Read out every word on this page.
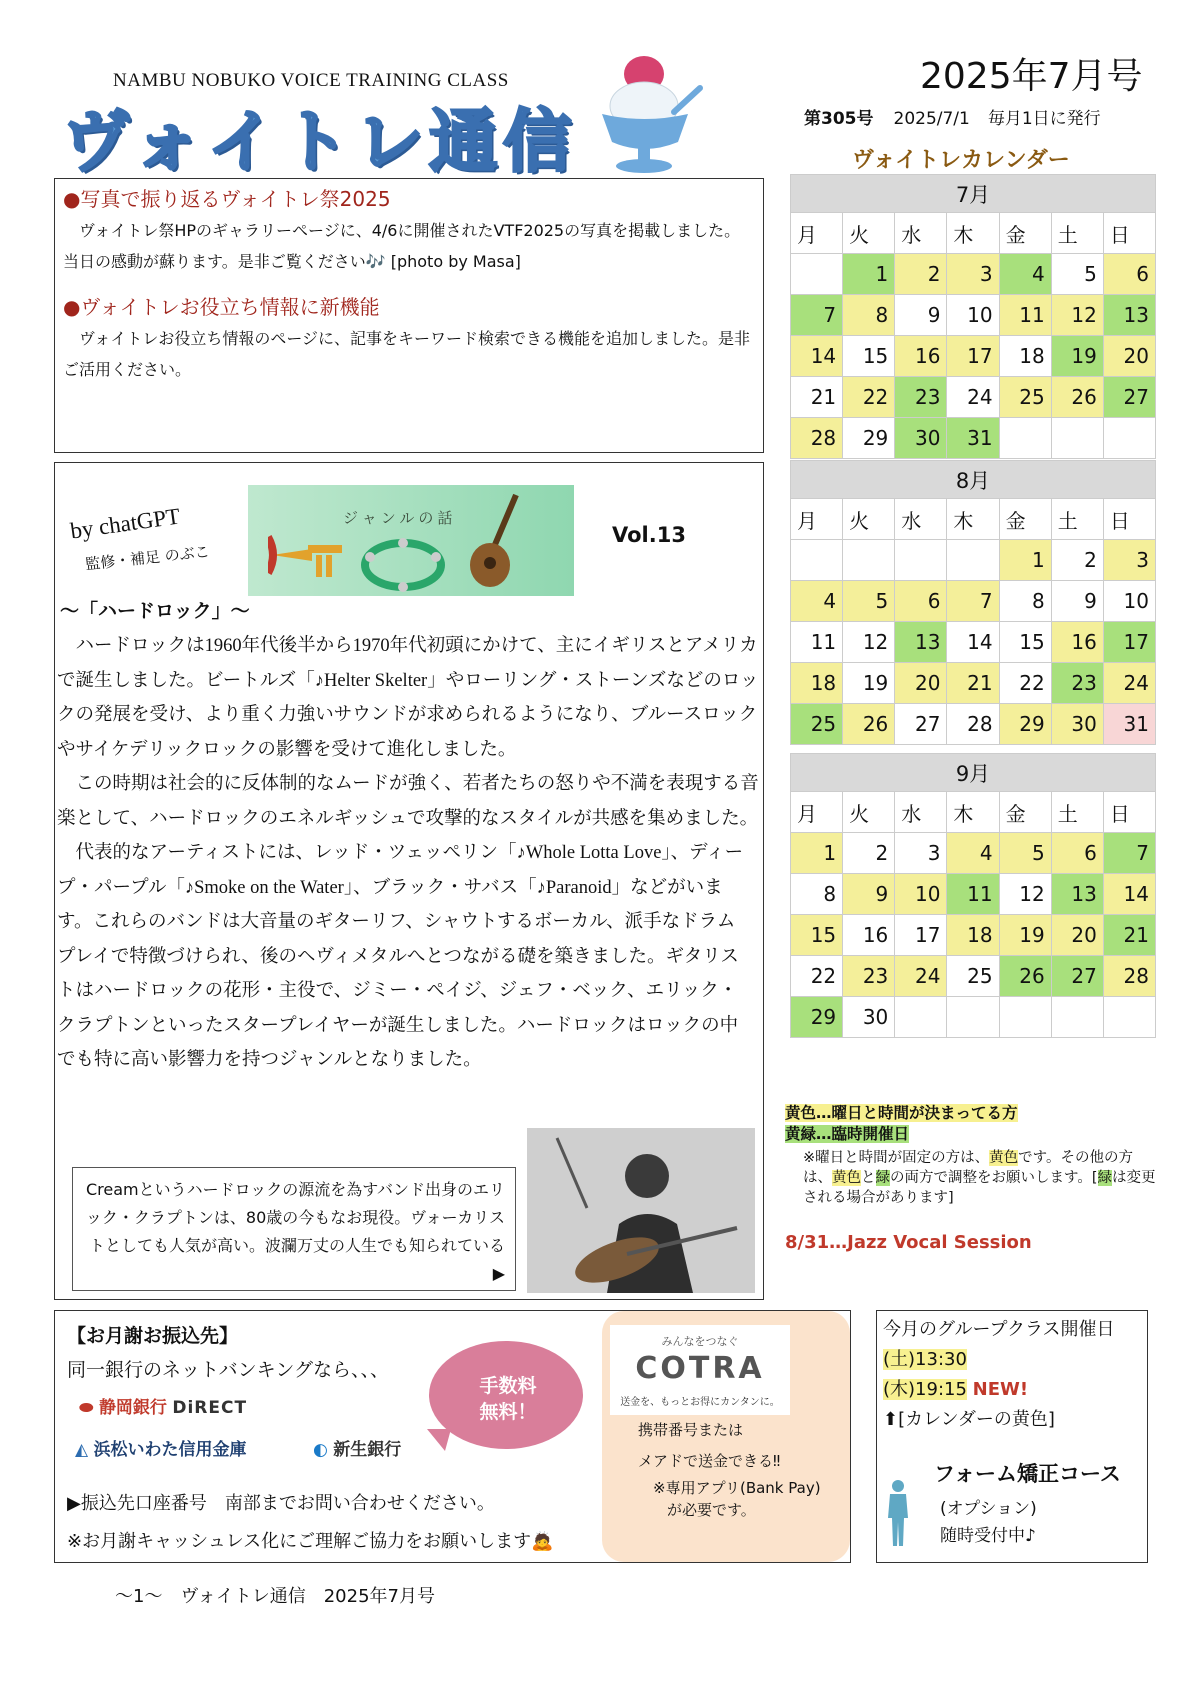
NAMBU NOBUKO VOICE TRAINING CLASS
ヴォイトレ通信
2025年7月号
第305号 2025/7/1 毎月1日に発行
●写真で振り返るヴォイトレ祭2025
ヴォイトレ祭HPのギャラリーページに、4/6に開催されたVTF2025の写真を掲載しました。当日の感動が蘇ります。是非ご覧ください🎶 [photo by Masa]
●ヴォイトレお役立ち情報に新機能
ヴォイトレお役立ち情報のページに、記事をキーワード検索できる機能を追加しました。是非ご活用ください。
by chatGPT
監修・補足 のぶこ
ジャンルの話
Vol.13
〜「ハードロック」〜

ハードロックは1960年代後半から1970年代初頭にかけて、主にイギリスとアメリカで誕生しました。ビートルズ「♪Helter Skelter」やローリング・ストーンズなどのロックの発展を受け、より重く力強いサウンドが求められるようになり、ブルースロックやサイケデリックロックの影響を受けて進化しました。

この時期は社会的に反体制的なムードが強く、若者たちの怒りや不満を表現する音楽として、ハードロックのエネルギッシュで攻撃的なスタイルが共感を集めました。

代表的なアーティストには、レッド・ツェッペリン「♪Whole Lotta Love」、ディープ・パープル「♪Smoke on the Water」、ブラック・サバス「♪Paranoid」などがいます。これらのバンドは大音量のギターリフ、シャウトするボーカル、派手なドラムプレイで特徴づけられ、後のヘヴィメタルへとつながる礎を築きました。ギタリストはハードロックの花形・主役で、ジミー・ペイジ、ジェフ・ベック、エリック・クラプトンといったスタープレイヤーが誕生しました。ハードロックはロックの中でも特に高い影響力を持つジャンルとなりました。

Creamというハードロックの源流を為すバンド出身のエリック・クラプトンは、80歳の今もなお現役。ヴォーカリストとしても人気が高い。波瀾万丈の人生でも知られている▶
ヴォイトレカレンダー
7月						
月	火	水	木	金	土	日
	1	2	3	4	5	6
7	8	9	10	11	12	13
14	15	16	17	18	19	20
21	22	23	24	25	26	27
28	29	30	31			
8月						
月	火	水	木	金	土	日
				1	2	3
4	5	6	7	8	9	10
11	12	13	14	15	16	17
18	19	20	21	22	23	24
25	26	27	28	29	30	31
9月						
月	火	水	木	金	土	日
1	2	3	4	5	6	7
8	9	10	11	12	13	14
15	16	17	18	19	20	21
22	23	24	25	26	27	28
29	30					
黄色…曜日と時間が決まってる方
黄緑…臨時開催日
※曜日と時間が固定の方は、黄色です。その他の方は、黄色と緑の両方で調整をお願いします。[緑は変更される場合があります]
8/31…Jazz Vocal Session
【お月謝お振込先】
同一銀行のネットバンキングなら、、、
⬬ 静岡銀行 DiRECT
◭ 浜松いわた信用金庫	◐ 新生銀行
手数料
無料！
▶振込先口座番号　南部までお問い合わせください。
※お月謝キャッシュレス化にご理解ご協力をお願いします🙇
みんなをつなぐ
COTRA
送金を、もっとお得にカンタンに。
携帯番号または
メアドで送金できる‼
※専用アプリ(Bank Pay)
が必要です。
今月のグループクラス開催日
(土)13:30
(木)19:15 NEW!
⬆[カレンダーの黄色]
フォーム矯正コース
(オプション)
随時受付中♪
〜1〜　ヴォイトレ通信　2025年7月号
